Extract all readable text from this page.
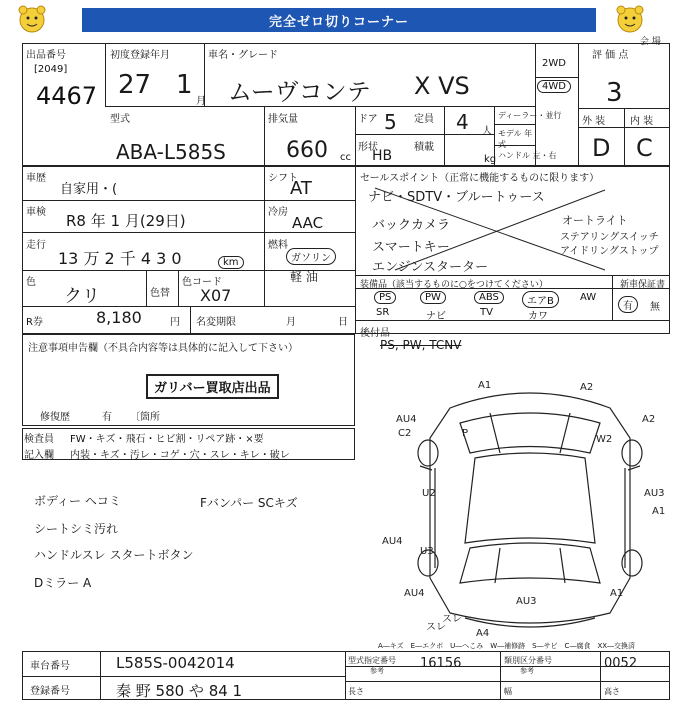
完全ゼロ切りコーナー
会 場
出品番号
[2049]
4467
初度登録年月
27 1
月
車名・グレード
ムーヴコンテ X VS
2WD
4WD
評 価 点
3
外 装 内 装
D C
型式
ABA-L585S
排気量
660 cc
ドア 5 定員 4 人
形状
HB
積載
kg
ディーラー・並行
モデル 年式
ハンドル 左・右
車歴
自家用・(
シフト
AT
車検 R8 年 1 月(29日)	冷房
AAC
走行
13 万 2 千 4 3 0	km
燃料
ガソリン
軽 油
色
クリ	色替
色コード
X07
R券	8,180	円 名変期限	月	日
セールスポイント（正常に機能するものに限ります）
ナビ・SDTV・ブルートゥース
バックカメラ
スマートキー
エンジンスターター
オートライト
ステアリングスイッチ
アイドリングストップ
装備品（該当するものに○をつけてください）	新車保証書
PS	PW	ABS	エアB	AW
SR	ナビ	TV	カワ
有	無
後付品
PS, PW, TCNV
注意事項申告欄（不具合内容等は具体的に記入して下さい）
ガリバー買取店出品
修復歴	有 〔箇所
検査員
記入欄
FW・キズ・飛石・ヒビ割・リペア跡・×要
内装・キズ・汚レ・コゲ・穴・スレ・キレ・破レ
ボディー ヘコミ
シートシミ汚れ
ハンドルスレ スタートボタン
Dミラー A
Fバンパー SCキズ
A1	A2
AU4
C2	P
W2
A2
U2	AU3
A1
AU4
U3
AU4
AU3
A1
スレ
スレ
A4
A―キズ　E―エクボ　U―へこみ　W―補修跡　S―サビ　C―腐食　XX―交換済
車台番号	L585S-0042014
登録番号	秦 野 580 や 84 1
型式指定番号
参考	16156	類別区分番号
参考	0052
長さ	幅	高さ
